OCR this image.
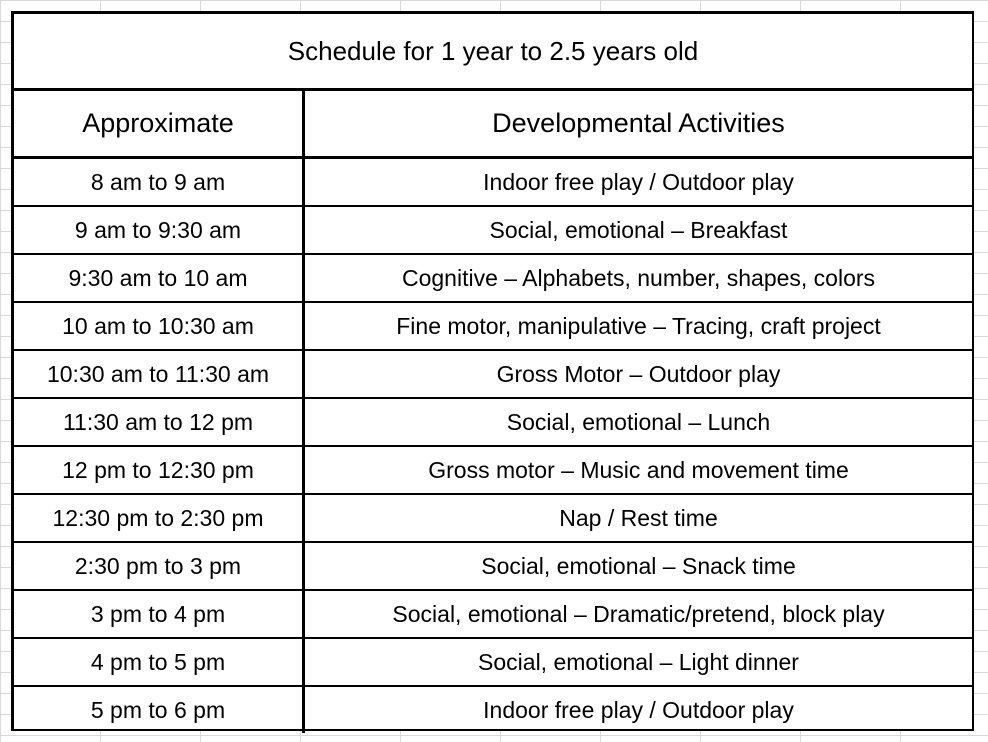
Schedule for 1 year to 2.5 years old
Approximate	Developmental Activities
8 am to 9 am	Indoor free play / Outdoor play
9 am to 9:30 am	Social, emotional – Breakfast
9:30 am to 10 am	Cognitive – Alphabets, number, shapes, colors
10 am to 10:30 am	Fine motor, manipulative – Tracing, craft project
10:30 am to 11:30 am	Gross Motor – Outdoor play
11:30 am to 12 pm	Social, emotional – Lunch
12 pm to 12:30 pm	Gross motor – Music and movement time
12:30 pm to 2:30 pm	Nap / Rest time
2:30 pm to 3 pm	Social, emotional – Snack time
3 pm to 4 pm	Social, emotional – Dramatic/pretend, block play
4 pm to 5 pm	Social, emotional – Light dinner
5 pm to 6 pm	Indoor free play / Outdoor play
